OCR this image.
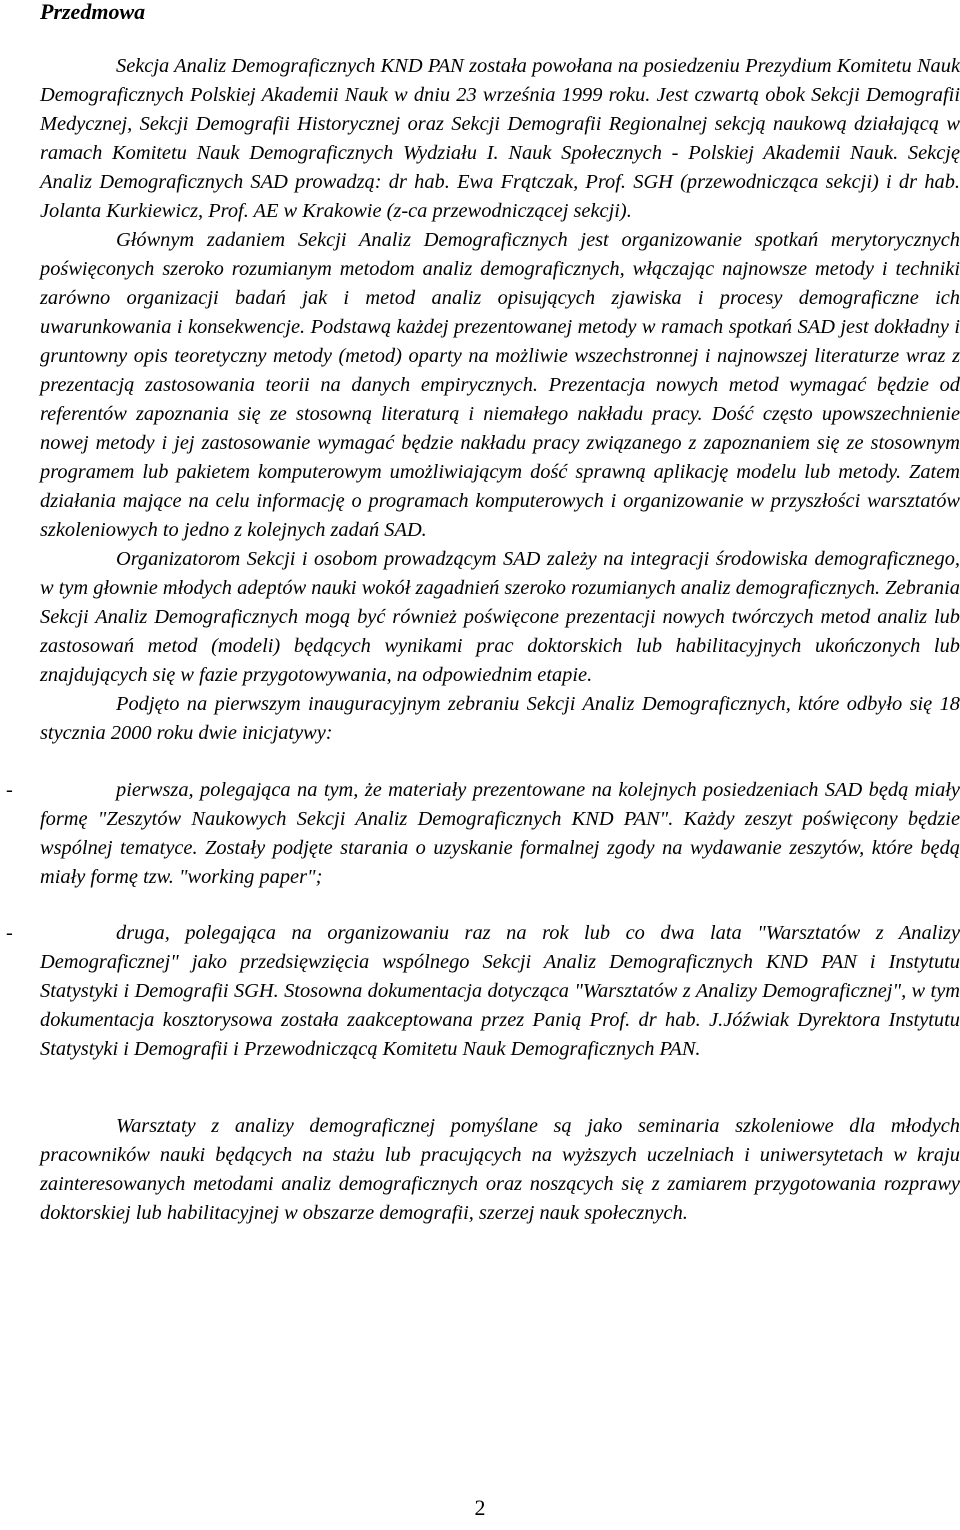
Przedmowa

Sekcja Analiz Demograficznych KND PAN została powołana na posiedzeniu Prezydium Komitetu Nauk Demograficznych Polskiej Akademii Nauk w dniu 23 września 1999 roku. Jest czwartą obok Sekcji Demografii Medycznej, Sekcji Demografii Historycznej oraz Sekcji Demografii Regionalnej sekcją naukową działającą w ramach Komitetu Nauk Demograficznych Wydziału I. Nauk Społecznych - Polskiej Akademii Nauk. Sekcję Analiz Demograficznych SAD prowadzą: dr hab. Ewa Frątczak, Prof. SGH (przewodnicząca sekcji) i dr hab. Jolanta Kurkiewicz, Prof. AE w Krakowie (z-ca przewodniczącej sekcji).

Głównym zadaniem Sekcji Analiz Demograficznych jest organizowanie spotkań merytorycznych poświęconych szeroko rozumianym metodom analiz demograficznych, włączając najnowsze metody i techniki zarówno organizacji badań jak i metod analiz opisujących zjawiska i procesy demograficzne ich uwarunkowania i konsekwencje. Podstawą każdej prezentowanej metody w ramach spotkań SAD jest dokładny i gruntowny opis teoretyczny metody (metod) oparty na możliwie wszechstronnej i najnowszej literaturze wraz z prezentacją zastosowania teorii na danych empirycznych. Prezentacja nowych metod wymagać będzie od referentów zapoznania się ze stosowną literaturą i niemałego nakładu pracy. Dość często upowszechnienie nowej metody i jej zastosowanie wymagać będzie nakładu pracy związanego z zapoznaniem się ze stosownym programem lub pakietem komputerowym umożliwiającym dość sprawną aplikację modelu lub metody. Zatem działania mające na celu informację o programach komputerowych i organizowanie w przyszłości warsztatów szkoleniowych to jedno z kolejnych zadań SAD.

Organizatorom Sekcji i osobom prowadzącym SAD zależy na integracji środowiska demograficznego, w tym głownie młodych adeptów nauki wokół zagadnień szeroko rozumianych analiz demograficznych. Zebrania Sekcji Analiz Demograficznych mogą być również poświęcone prezentacji nowych twórczych metod analiz lub zastosowań metod (modeli) będących wynikami prac doktorskich lub habilitacyjnych ukończonych lub znajdujących się w fazie przygotowywania, na odpowiednim etapie.

Podjęto na pierwszym inauguracyjnym zebraniu Sekcji Analiz Demograficznych, które odbyło się 18 stycznia 2000 roku dwie inicjatywy:

-	pierwsza, polegająca na tym, że materiały prezentowane na kolejnych posiedzeniach SAD będą miały formę "Zeszytów Naukowych Sekcji Analiz Demograficznych KND PAN". Każdy zeszyt poświęcony będzie wspólnej tematyce. Zostały podjęte starania o uzyskanie formalnej zgody na wydawanie zeszytów, które będą miały formę tzw. "working paper";
-	druga, polegająca na organizowaniu raz na rok lub co dwa lata "Warsztatów z Analizy Demograficznej" jako przedsięwzięcia wspólnego Sekcji Analiz Demograficznych KND PAN i Instytutu Statystyki i Demografii SGH. Stosowna dokumentacja dotycząca "Warsztatów z Analizy Demograficznej", w tym dokumentacja kosztorysowa została zaakceptowana przez Panią Prof. dr hab. J.Jóźwiak Dyrektora Instytutu Statystyki i Demografii i Przewodniczącą Komitetu Nauk Demograficznych PAN.

Warsztaty z analizy demograficznej pomyślane są jako seminaria szkoleniowe dla młodych pracowników nauki będących na stażu lub pracujących na wyższych uczelniach i uniwersytetach w kraju zainteresowanych metodami analiz demograficznych oraz noszących się z zamiarem przygotowania rozprawy doktorskiej lub habilitacyjnej w obszarze demografii, szerzej nauk społecznych.

2
